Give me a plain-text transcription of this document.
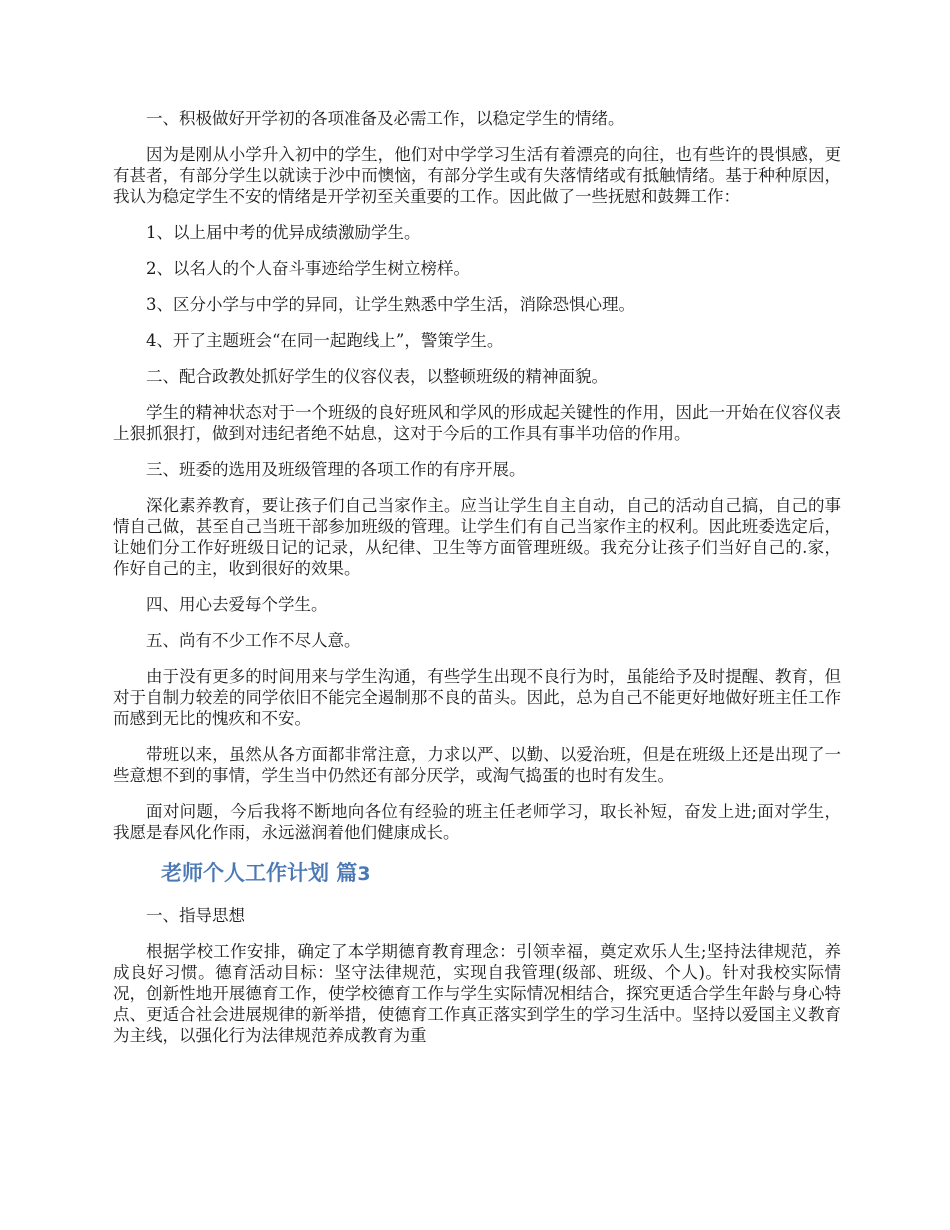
一、积极做好开学初的各项准备及必需工作，以稳定学生的情绪。

因为是刚从小学升入初中的学生，他们对中学学习生活有着漂亮的向往，也有些许的畏惧感，更有甚者，有部分学生以就读于沙中而懊恼，有部分学生或有失落情绪或有抵触情绪。基于种种原因，我认为稳定学生不安的情绪是开学初至关重要的工作。因此做了一些抚慰和鼓舞工作：

1、以上届中考的优异成绩激励学生。

2、以名人的个人奋斗事迹给学生树立榜样。

3、区分小学与中学的异同，让学生熟悉中学生活，消除恐惧心理。

4、开了主题班会“在同一起跑线上”，警策学生。

二、配合政教处抓好学生的仪容仪表，以整顿班级的精神面貌。

学生的精神状态对于一个班级的良好班风和学风的形成起关键性的作用，因此一开始在仪容仪表上狠抓狠打，做到对违纪者绝不姑息，这对于今后的工作具有事半功倍的作用。

三、班委的选用及班级管理的各项工作的有序开展。

深化素养教育，要让孩子们自己当家作主。应当让学生自主自动，自己的活动自己搞，自己的事情自己做，甚至自己当班干部参加班级的管理。让学生们有自己当家作主的权利。因此班委选定后，让她们分工作好班级日记的记录，从纪律、卫生等方面管理班级。我充分让孩子们当好自己的.家，作好自己的主，收到很好的效果。

四、用心去爱每个学生。

五、尚有不少工作不尽人意。

由于没有更多的时间用来与学生沟通，有些学生出现不良行为时，虽能给予及时提醒、教育，但对于自制力较差的同学依旧不能完全遏制那不良的苗头。因此，总为自己不能更好地做好班主任工作而感到无比的愧疚和不安。

带班以来，虽然从各方面都非常注意，力求以严、以勤、以爱治班，但是在班级上还是出现了一些意想不到的事情，学生当中仍然还有部分厌学，或淘气捣蛋的也时有发生。

面对问题，今后我将不断地向各位有经验的班主任老师学习，取长补短，奋发上进;面对学生，我愿是春风化作雨，永远滋润着他们健康成长。

老师个人工作计划 篇3

一、指导思想

根据学校工作安排，确定了本学期德育教育理念：引领幸福，奠定欢乐人生;坚持法律规范，养成良好习惯。德育活动目标：坚守法律规范，实现自我管理(级部、班级、个人)。针对我校实际情况，创新性地开展德育工作，使学校德育工作与学生实际情况相结合，探究更适合学生年龄与身心特点、更适合社会进展规律的新举措，使德育工作真正落实到学生的学习生活中。坚持以爱国主义教育为主线，以强化行为法律规范养成教育为重
